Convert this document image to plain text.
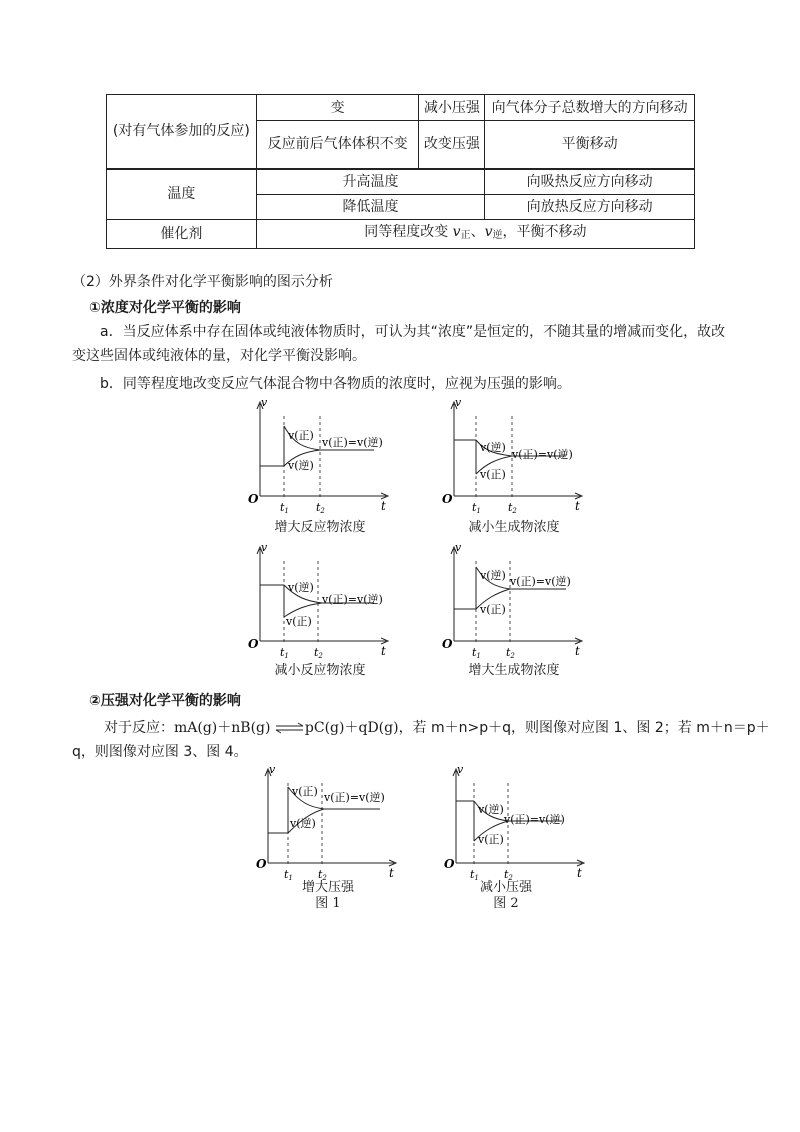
(对有气体参加的反应)	变	减小压强	向气体分子总数增大的方向移动
	反应前后气体体积不变	改变压强	平衡移动
温度	升高温度		向吸热反应方向移动
	降低温度		向放热反应方向移动
催化剂	同等程度改变 $v_正$、$v_逆$，平衡不移动		
（2）外界条件对化学平衡影响的图示分析
①浓度对化学平衡的影响
a．当反应体系中存在固体或纯液体物质时，可认为其“浓度”是恒定的，不随其量的增减而变化，故改变这些固体或纯液体的量，对化学平衡没影响。
b．同等程度地改变反应气体混合物中各物质的浓度时，应视为压强的影响。
v
O	t
t1 t2
v(正)
v(逆)
v(正)=v(逆)
增大反应物浓度
v
O	t
t1 t2
v(逆)
v(正)
v(正)=v(逆)
减小生成物浓度
v
O	t
t1 t2
v(逆)
v(正)
v(正)=v(逆)
减小反应物浓度
v
O	t
t1 t2
v(逆)
v(正)
v(正)=v(逆)
增大生成物浓度
②压强对化学平衡的影响
对于反应：mA(g)＋nB(g) ⇌pC(g)＋qD(g)，若 m＋n>p＋q，则图像对应图 1、图 2；若 m＋n＝p＋
q，则图像对应图 3、图 4。
v
O
t
t1 t2
v(正)
v(逆)
v(正)=v(逆)
增大压强
图 1
v
O
t
t1 t2
v(逆)
v(正)
v(正)=v(逆)
减小压强
图 2
